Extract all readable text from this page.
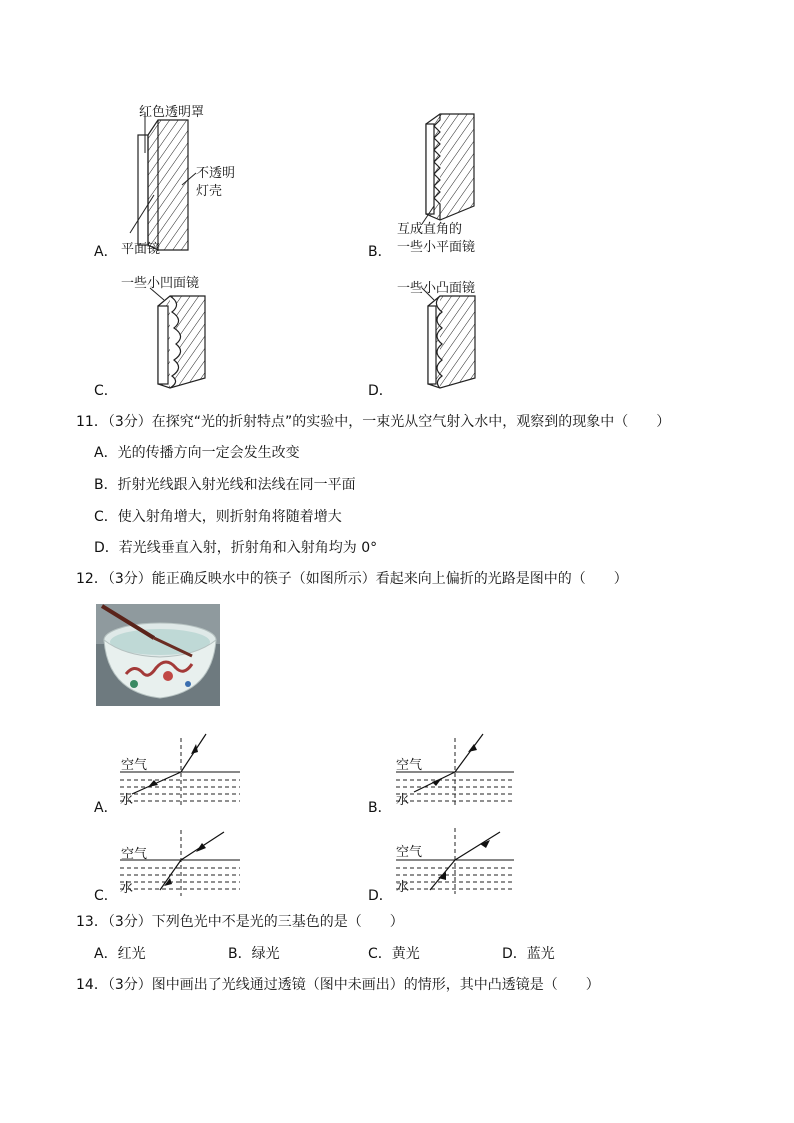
红色透明罩
不透明
灯壳
平面镜
A．
互成直角的
一些小平面镜
B．
一些小凹面镜
C．
一些小凸面镜
D．
11．（3分）在探究“光的折射特点”的实验中，一束光从空气射入水中，观察到的现象中（　　）
A．光的传播方向一定会发生改变
B．折射光线跟入射光线和法线在同一平面
C．使入射角增大，则折射角将随着增大
D．若光线垂直入射，折射角和入射角均为 0°
12．（3分）能正确反映水中的筷子（如图所示）看起来向上偏折的光路是图中的（　　）
空气
水
A．
空气
水
B．
空气
水
C．
空气
水
D．
13．（3分）下列色光中不是光的三基色的是（　　）
A．红光	B．绿光	C．黄光	D．蓝光
14．（3分）图中画出了光线通过透镜（图中未画出）的情形，其中凸透镜是（　　）
